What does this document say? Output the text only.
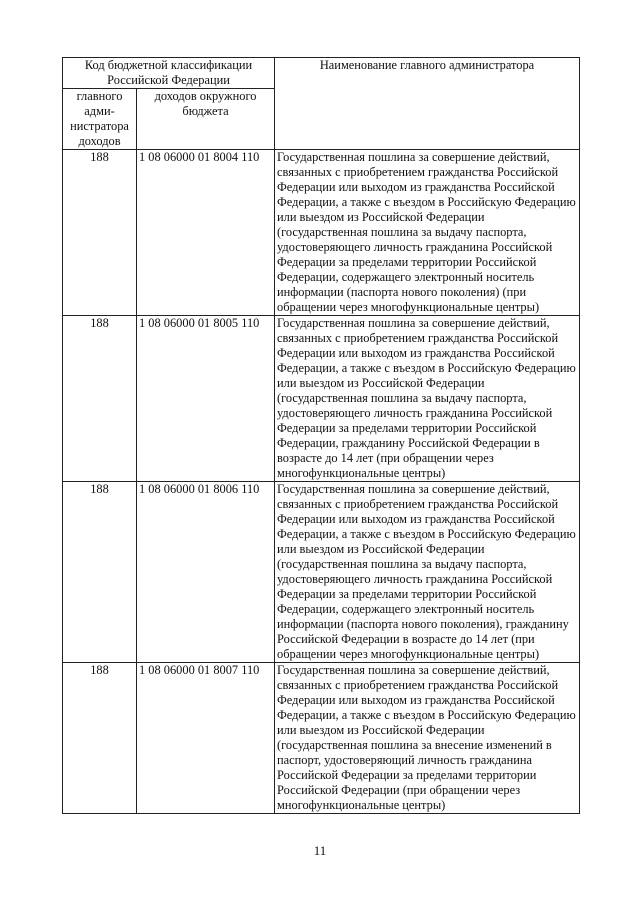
Код бюджетной классификации Российской Федерации		Наименование главного администратора
главного адми-нистратора доходов	доходов окружного бюджета	
188	1 08 06000 01 8004 110	Государственная пошлина за совершение действий, связанных с приобретением гражданства Российской Федерации или выходом из гражданства Российской Федерации, а также с въездом в Российскую Федерацию или выездом из Российской Федерации (государственная пошлина за выдачу паспорта, удостоверяющего личность гражданина Российской Федерации за пределами территории Российской Федерации, содержащего электронный носитель информации (паспорта нового поколения) (при обращении через многофункциональные центры)
188	1 08 06000 01 8005 110	Государственная пошлина за совершение действий, связанных с приобретением гражданства Российской Федерации или выходом из гражданства Российской Федерации, а также с въездом в Российскую Федерацию или выездом из Российской Федерации (государственная пошлина за выдачу паспорта, удостоверяющего личность гражданина Российской Федерации за пределами территории Российской Федерации, гражданину Российской Федерации в возрасте до 14 лет (при обращении через многофункциональные центры)
188	1 08 06000 01 8006 110	Государственная пошлина за совершение действий, связанных с приобретением гражданства Российской Федерации или выходом из гражданства Российской Федерации, а также с въездом в Российскую Федерацию или выездом из Российской Федерации (государственная пошлина за выдачу паспорта, удостоверяющего личность гражданина Российской Федерации за пределами территории Российской Федерации, содержащего электронный носитель информации (паспорта нового поколения), гражданину Российской Федерации в возрасте до 14 лет (при обращении через многофункциональные центры)
188	1 08 06000 01 8007 110	Государственная пошлина за совершение действий, связанных с приобретением гражданства Российской Федерации или выходом из гражданства Российской Федерации, а также с въездом в Российскую Федерацию или выездом из Российской Федерации (государственная пошлина за внесение изменений в паспорт, удостоверяющий личность гражданина Российской Федерации за пределами территории Российской Федерации (при обращении через многофункциональные центры)
11
